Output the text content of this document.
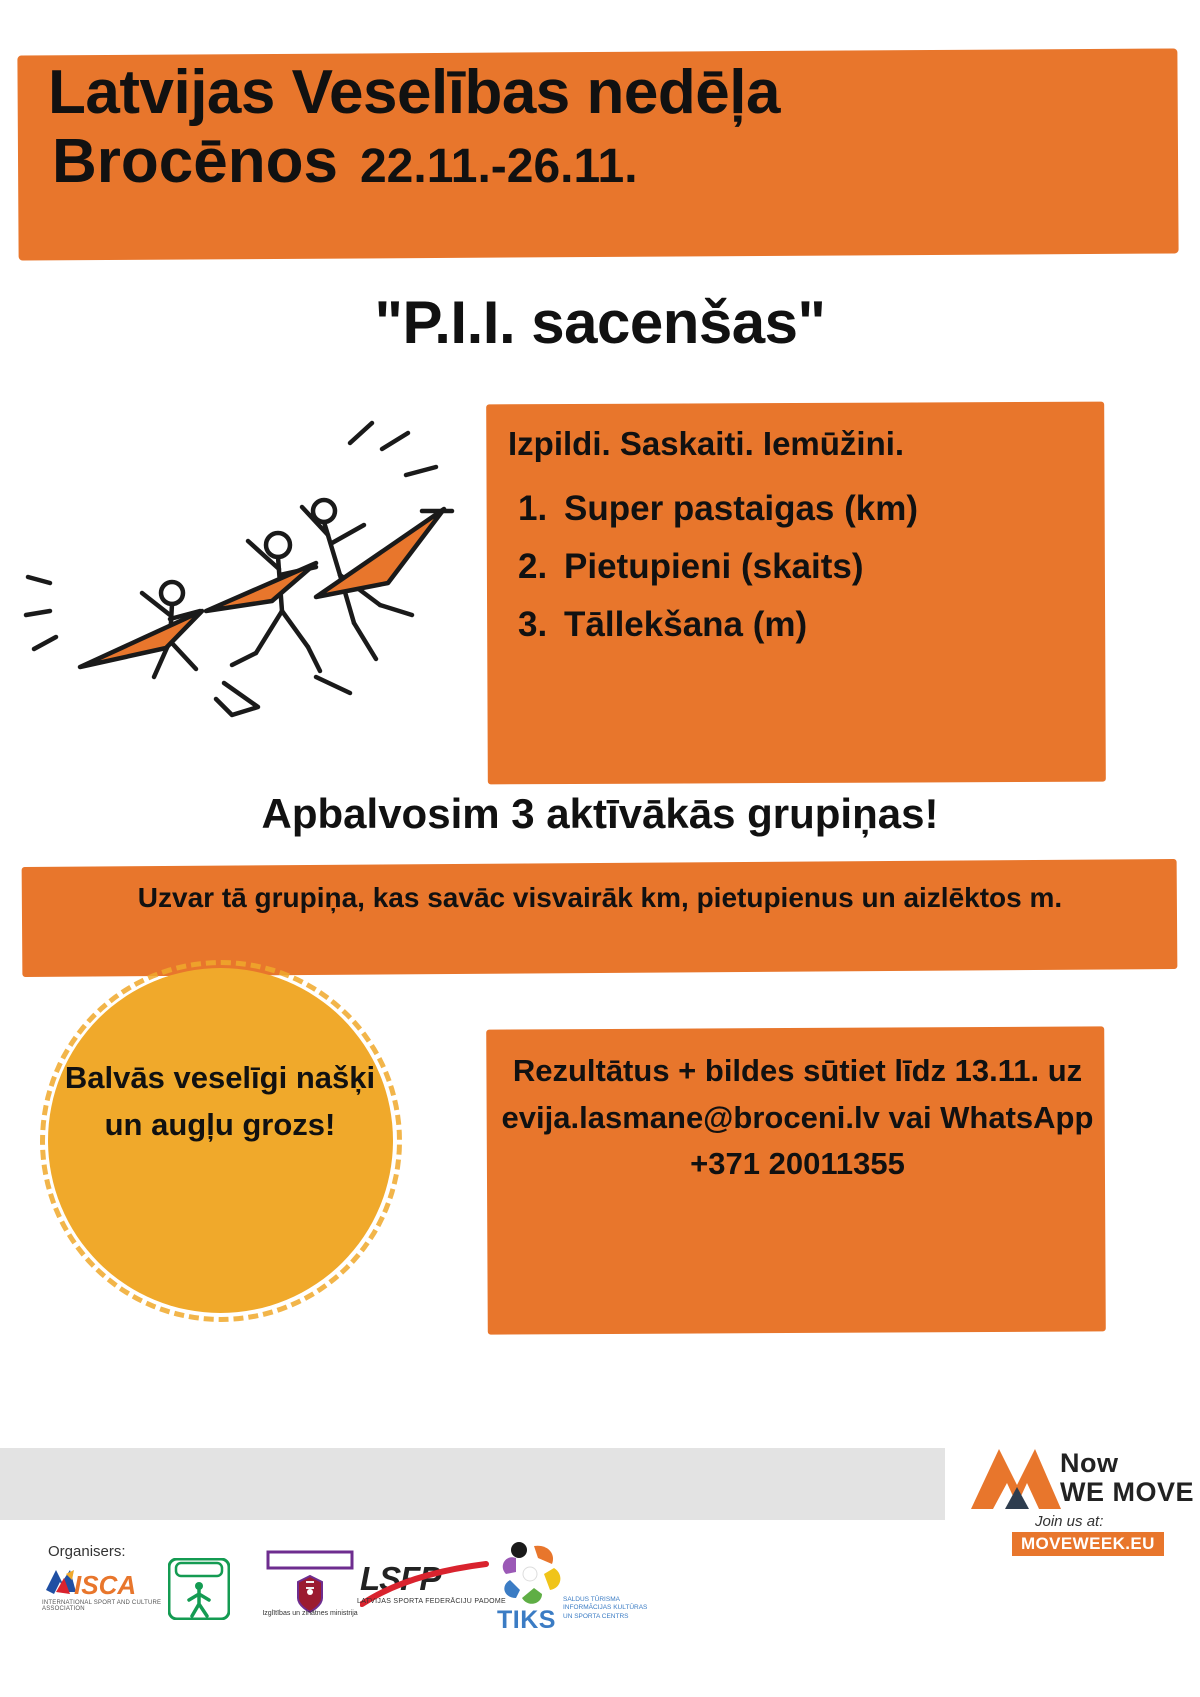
Latvijas Veselības nedēļa
Brocēnos 22.11.-26.11.
"P.I.I. sacenšas"
Izpildi. Saskaiti. Iemūžini.
1. Super pastaigas (km)
2. Pietupieni (skaits)
3. Tāllekšana (m)
Apbalvosim 3 aktīvākās grupiņas!
Uzvar tā grupiņa, kas savāc visvairāk km, pietupienus un aizlēktos m.
Balvās veselīgi našķi un augļu grozs!
Rezultātus + bildes sūtiet līdz 13.11. uz evija.lasmane@broceni.lv vai WhatsApp +371 20011355
Now
WE MOVE
Join us at:
MOVEWEEK.EU
Organisers:
ISCA
INTERNATIONAL SPORT AND CULTURE ASSOCIATION
Izglītības un zinātnes ministrija
LSFP
LATVIJAS SPORTA FEDERĀCIJU PADOME
TIKS
SALDUS TŪRISMA INFORMĀCIJAS KULTŪRAS UN SPORTA CENTRS
